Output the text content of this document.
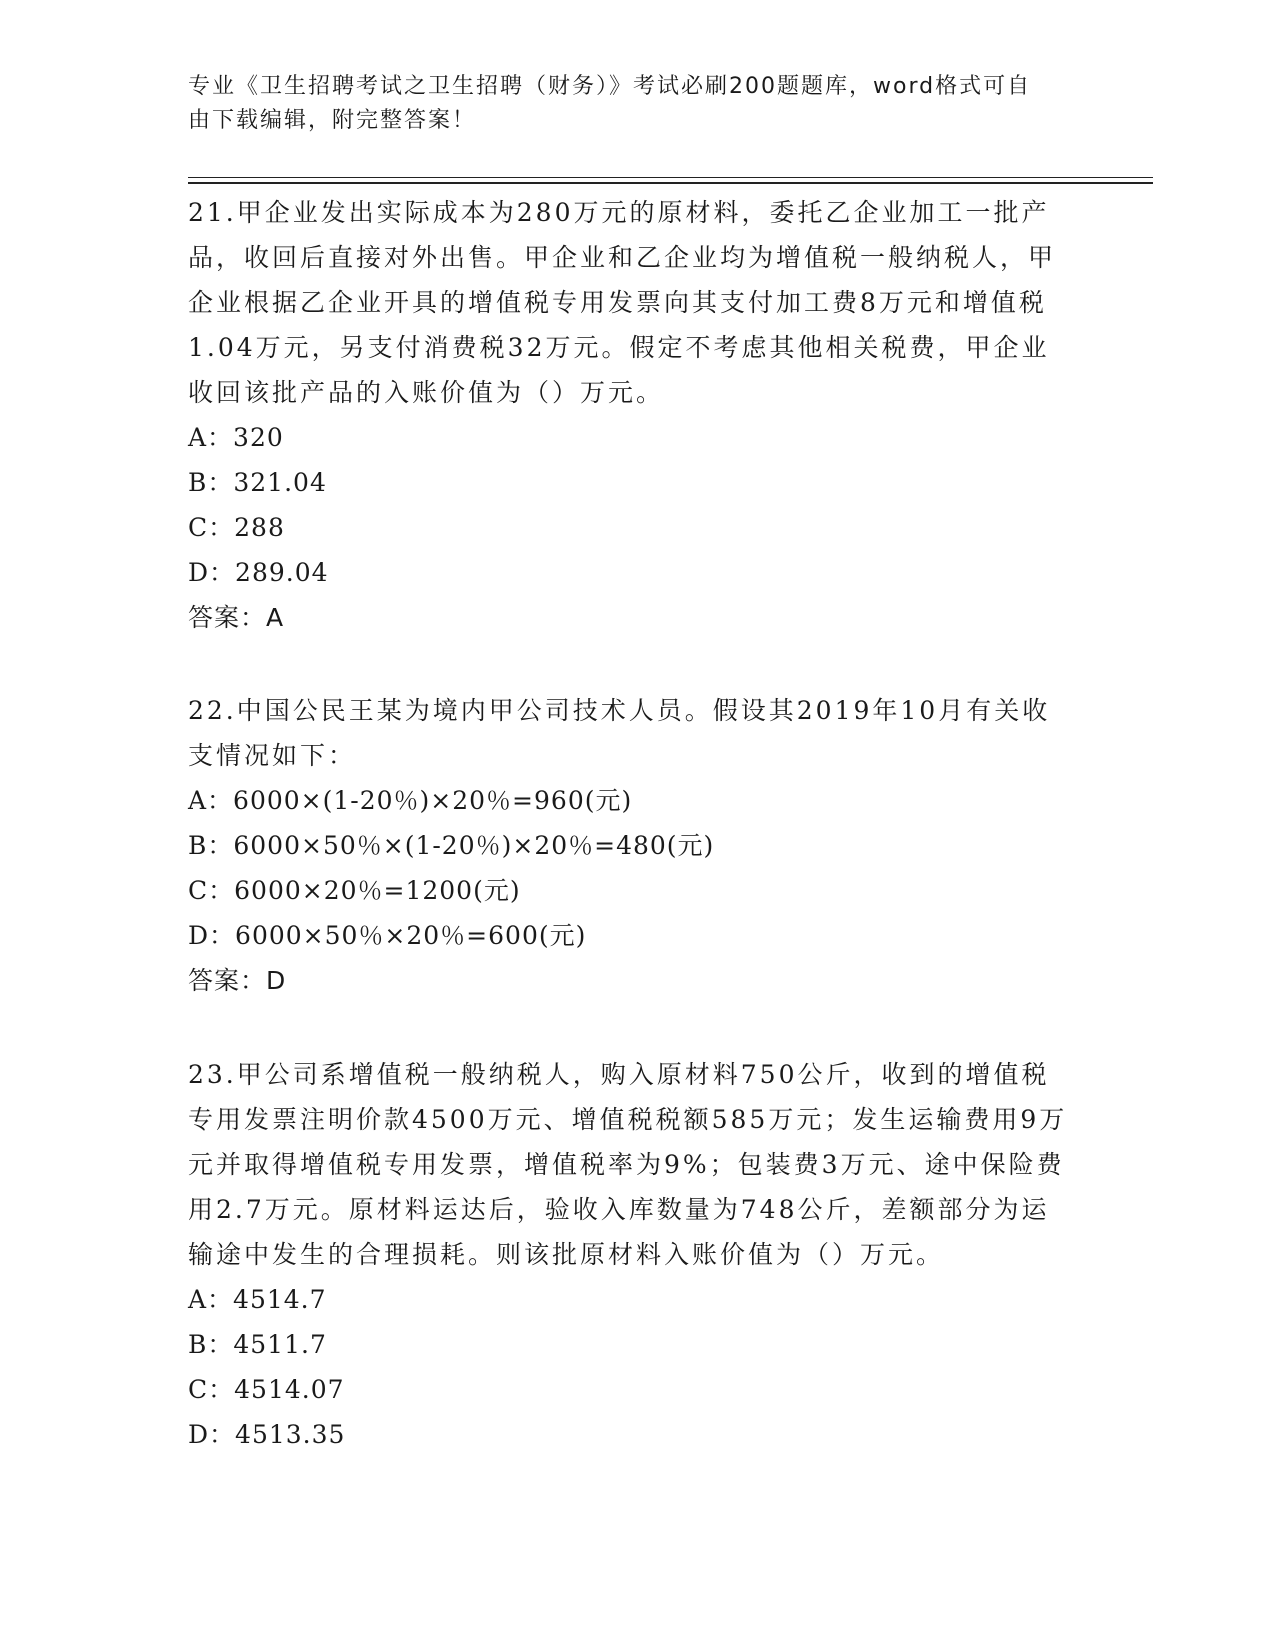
专业《卫生招聘考试之卫生招聘（财务）》考试必刷200题题库，word格式可自
由下载编辑，附完整答案！

21.甲企业发出实际成本为280万元的原材料，委托乙企业加工一批产品，收回后直接对外出售。甲企业和乙企业均为增值税一般纳税人，甲企业根据乙企业开具的增值税专用发票向其支付加工费8万元和增值税1.04万元，另支付消费税32万元。假定不考虑其他相关税费，甲企业收回该批产品的入账价值为（）万元。

A：320

B：321.04

C：288

D：289.04

答案：A

22.中国公民王某为境内甲公司技术人员。假设其2019年10月有关收支情况如下：

A：6000×(1-20％)×20％=960(元)

B：6000×50％×(1-20％)×20％=480(元)

C：6000×20％=1200(元)

D：6000×50％×20％=600(元)

答案：D

23.甲公司系增值税一般纳税人，购入原材料750公斤，收到的增值税专用发票注明价款4500万元、增值税税额585万元；发生运输费用9万元并取得增值税专用发票，增值税率为9%；包装费3万元、途中保险费用2.7万元。原材料运达后，验收入库数量为748公斤，差额部分为运输途中发生的合理损耗。则该批原材料入账价值为（）万元。

A：4514.7

B：4511.7

C：4514.07

D：4513.35
